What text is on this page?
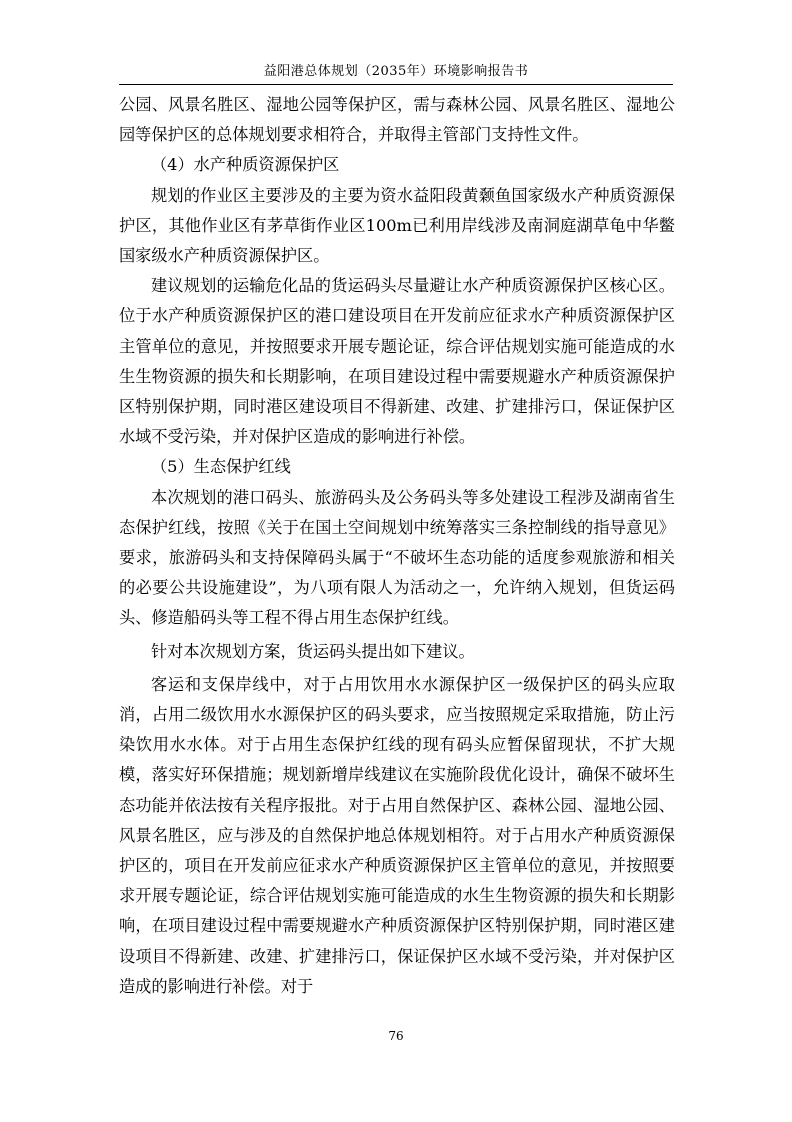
益阳港总体规划（2035年）环境影响报告书

公园、风景名胜区、湿地公园等保护区，需与森林公园、风景名胜区、湿地公园等保护区的总体规划要求相符合，并取得主管部门支持性文件。

（4）水产种质资源保护区

规划的作业区主要涉及的主要为资水益阳段黄颡鱼国家级水产种质资源保护区，其他作业区有茅草街作业区100m已利用岸线涉及南洞庭湖草龟中华鳖国家级水产种质资源保护区。

建议规划的运输危化品的货运码头尽量避让水产种质资源保护区核心区。位于水产种质资源保护区的港口建设项目在开发前应征求水产种质资源保护区主管单位的意见，并按照要求开展专题论证，综合评估规划实施可能造成的水生生物资源的损失和长期影响，在项目建设过程中需要规避水产种质资源保护区特别保护期，同时港区建设项目不得新建、改建、扩建排污口，保证保护区水域不受污染，并对保护区造成的影响进行补偿。

（5）生态保护红线

本次规划的港口码头、旅游码头及公务码头等多处建设工程涉及湖南省生态保护红线，按照《关于在国土空间规划中统筹落实三条控制线的指导意见》要求，旅游码头和支持保障码头属于“不破坏生态功能的适度参观旅游和相关的必要公共设施建设”，为八项有限人为活动之一，允许纳入规划，但货运码头、修造船码头等工程不得占用生态保护红线。

针对本次规划方案，货运码头提出如下建议。

客运和支保岸线中，对于占用饮用水水源保护区一级保护区的码头应取消，占用二级饮用水水源保护区的码头要求，应当按照规定采取措施，防止污染饮用水水体。对于占用生态保护红线的现有码头应暂保留现状，不扩大规模，落实好环保措施；规划新增岸线建议在实施阶段优化设计，确保不破坏生态功能并依法按有关程序报批。对于占用自然保护区、森林公园、湿地公园、风景名胜区，应与涉及的自然保护地总体规划相符。对于占用水产种质资源保护区的，项目在开发前应征求水产种质资源保护区主管单位的意见，并按照要求开展专题论证，综合评估规划实施可能造成的水生生物资源的损失和长期影响，在项目建设过程中需要规避水产种质资源保护区特别保护期，同时港区建设项目不得新建、改建、扩建排污口，保证保护区水域不受污染，并对保护区造成的影响进行补偿。对于

76
